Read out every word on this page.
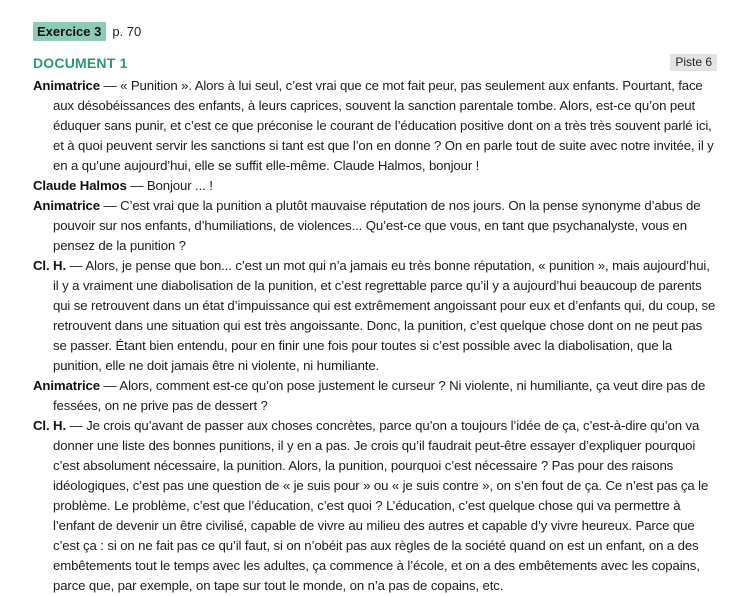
Exercice 3 p. 70
DOCUMENT 1	Piste 6

Animatrice — « Punition ». Alors à lui seul, c’est vrai que ce mot fait peur, pas seulement aux enfants. Pourtant, face aux désobéissances des enfants, à leurs caprices, souvent la sanction parentale tombe. Alors, est-ce qu’on peut éduquer sans punir, et c’est ce que préconise le courant de l’éducation positive dont on a très très souvent parlé ici, et à quoi peuvent servir les sanctions si tant est que l’on en donne ? On en parle tout de suite avec notre invitée, il y en a qu’une aujourd’hui, elle se suffit elle-même. Claude Halmos, bonjour !

Claude Halmos — Bonjour ... !

Animatrice — C’est vrai que la punition a plutôt mauvaise réputation de nos jours. On la pense synonyme d’abus de pouvoir sur nos enfants, d’humiliations, de violences... Qu’est-ce que vous, en tant que psychanalyste, vous en pensez de la punition ?

Cl. H. — Alors, je pense que bon... c’est un mot qui n’a jamais eu très bonne réputation, « punition », mais aujourd’hui, il y a vraiment une diabolisation de la punition, et c’est regrettable parce qu’il y a aujourd’hui beaucoup de parents qui se retrouvent dans un état d’impuissance qui est extrêmement angoissant pour eux et d’enfants qui, du coup, se retrouvent dans une situation qui est très angoissante. Donc, la punition, c’est quelque chose dont on ne peut pas se passer. Étant bien entendu, pour en finir une fois pour toutes si c’est possible avec la diabolisation, que la punition, elle ne doit jamais être ni violente, ni humiliante.

Animatrice — Alors, comment est-ce qu’on pose justement le curseur ? Ni violente, ni humiliante, ça veut dire pas de fessées, on ne prive pas de dessert ?

Cl. H. — Je crois qu’avant de passer aux choses concrètes, parce qu’on a toujours l’idée de ça, c’est-à-dire qu’on va donner une liste des bonnes punitions, il y en a pas. Je crois qu’il faudrait peut-être essayer d’expliquer pourquoi c’est absolument nécessaire, la punition. Alors, la punition, pourquoi c’est nécessaire ? Pas pour des raisons idéologiques, c’est pas une question de « je suis pour » ou « je suis contre », on s’en fout de ça. Ce n’est pas ça le problème. Le problème, c’est que l’éducation, c’est quoi ? L’éducation, c’est quelque chose qui va permettre à l’enfant de devenir un être civilisé, capable de vivre au milieu des autres et capable d’y vivre heureux. Parce que c’est ça : si on ne fait pas ce qu’il faut, si on n’obéit pas aux règles de la société quand on est un enfant, on a des embêtements tout le temps avec les adultes, ça commence à l’école, et on a des embêtements avec les copains, parce que, par exemple, on tape sur tout le monde, on n’a pas de copains, etc.
